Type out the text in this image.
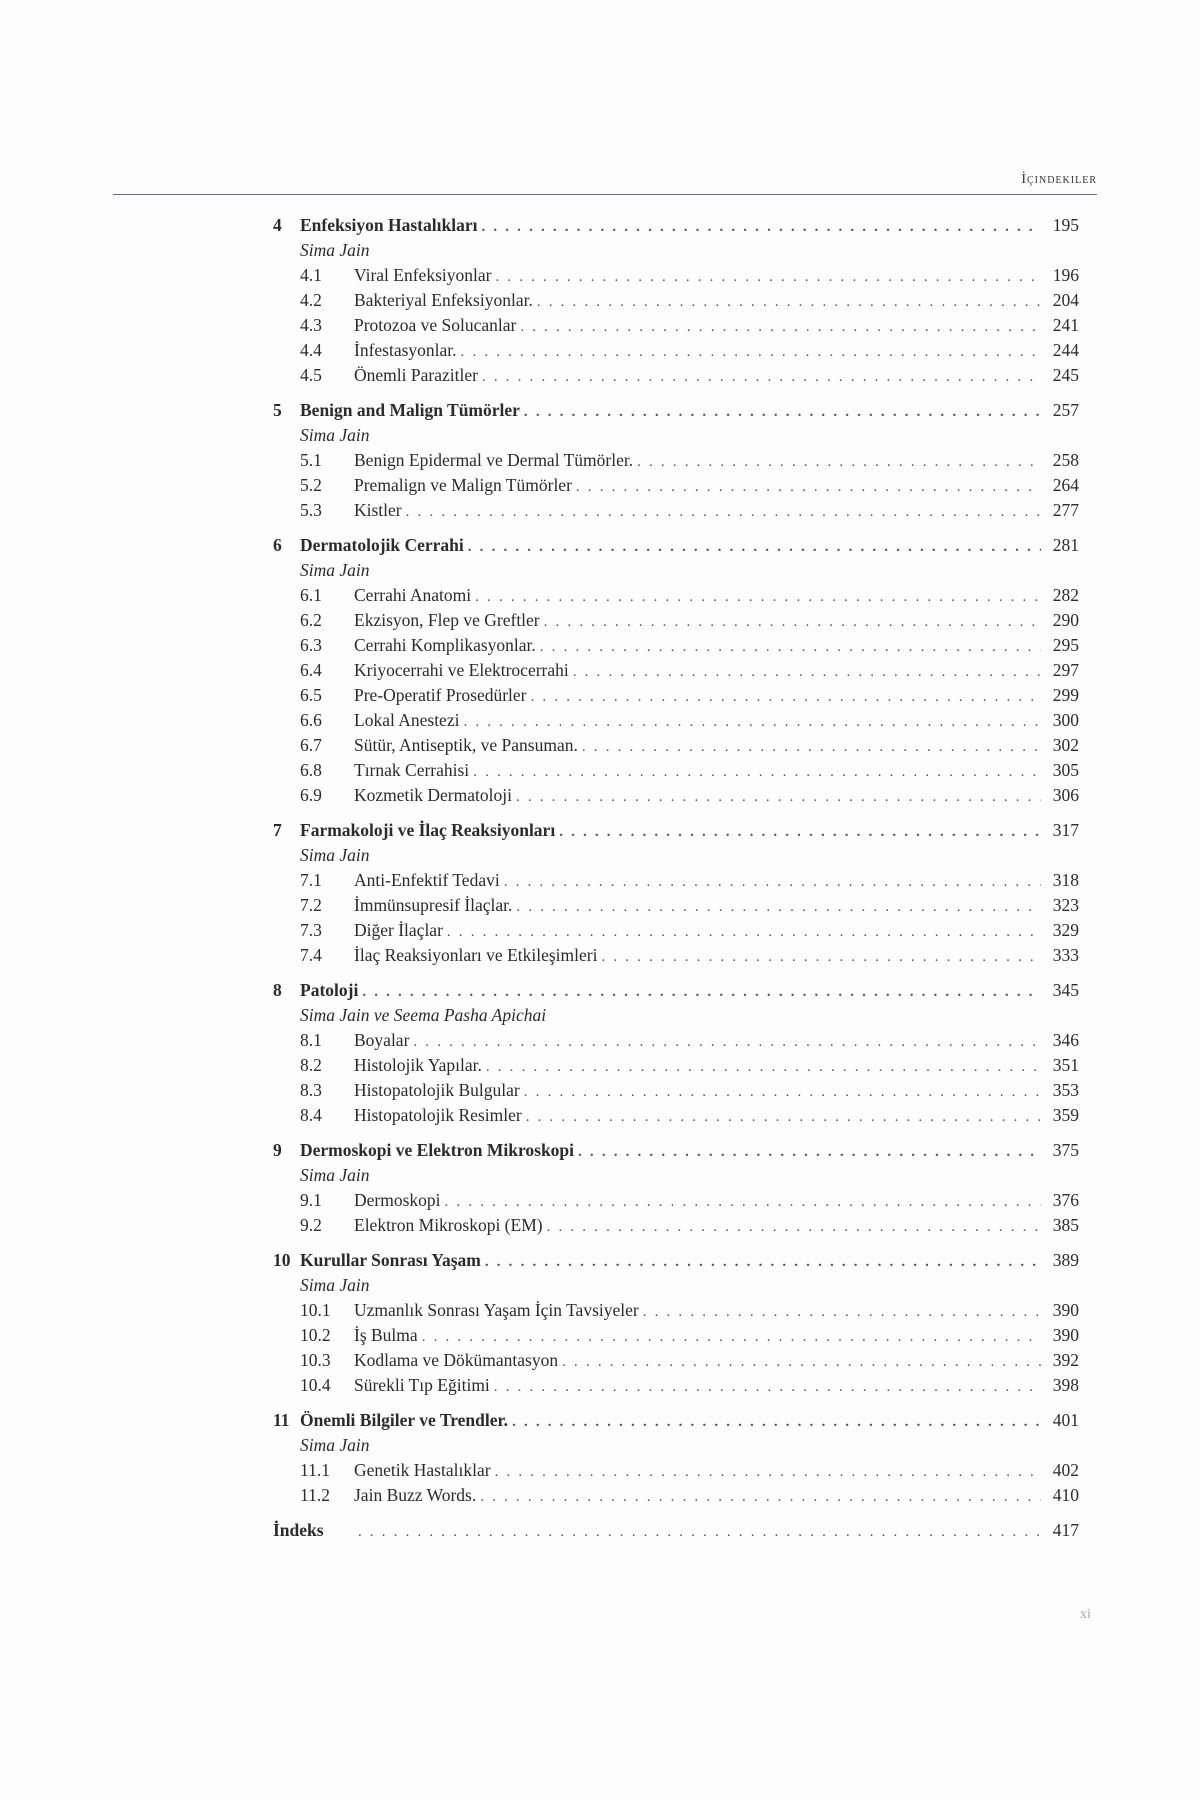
İçindekiler
4	Enfeksiyon Hastalıkları . . .	195
Sima Jain
4.1	Viral Enfeksiyonlar . . .	196
4.2	Bakteriyal Enfeksiyonlar. . . .	204
4.3	Protozoa ve Solucanlar . . .	241
4.4	İnfestasyonlar. . . .	244
4.5	Önemli Parazitler . . .	245
5	Benign and Malign Tümörler . . .	257
Sima Jain
5.1	Benign Epidermal ve Dermal Tümörler. . . .	258
5.2	Premalign ve Malign Tümörler . . .	264
5.3	Kistler . . .	277
6	Dermatolojik Cerrahi . . .	281
Sima Jain
6.1	Cerrahi Anatomi . . .	282
6.2	Ekzisyon, Flep ve Greftler . . .	290
6.3	Cerrahi Komplikasyonlar. . . .	295
6.4	Kriyocerrahi ve Elektrocerrahi . . .	297
6.5	Pre-Operatif Prosedürler . . .	299
6.6	Lokal Anestezi . . .	300
6.7	Sütür, Antiseptik, ve Pansuman. . . .	302
6.8	Tırnak Cerrahisi . . .	305
6.9	Kozmetik Dermatoloji . . .	306
7	Farmakoloji ve İlaç Reaksiyonları . . .	317
Sima Jain
7.1	Anti-Enfektif Tedavi . . .	318
7.2	İmmünsupresif İlaçlar. . . .	323
7.3	Diğer İlaçlar . . .	329
7.4	İlaç Reaksiyonları ve Etkileşimleri . . .	333
8	Patoloji . . .	345
Sima Jain ve Seema Pasha Apichai
8.1	Boyalar . . .	346
8.2	Histolojik Yapılar. . . .	351
8.3	Histopatolojik Bulgular . . .	353
8.4	Histopatolojik Resimler . . .	359
9	Dermoskopi ve Elektron Mikroskopi . . .	375
Sima Jain
9.1	Dermoskopi . . .	376
9.2	Elektron Mikroskopi (EM) . . .	385
10 Kurullar Sonrası Yaşam . . .	389
Sima Jain
10.1	Uzmanlık Sonrası Yaşam İçin Tavsiyeler . . .	390
10.2	İş Bulma . . .	390
10.3	Kodlama ve Dökümantasyon . . .	392
10.4	Sürekli Tıp Eğitimi . . .	398
11 Önemli Bilgiler ve Trendler. . . .	401
Sima Jain
11.1	Genetik Hastalıklar . . .	402
11.2	Jain Buzz Words. . . .	410
İndeks . . .	417
xi
